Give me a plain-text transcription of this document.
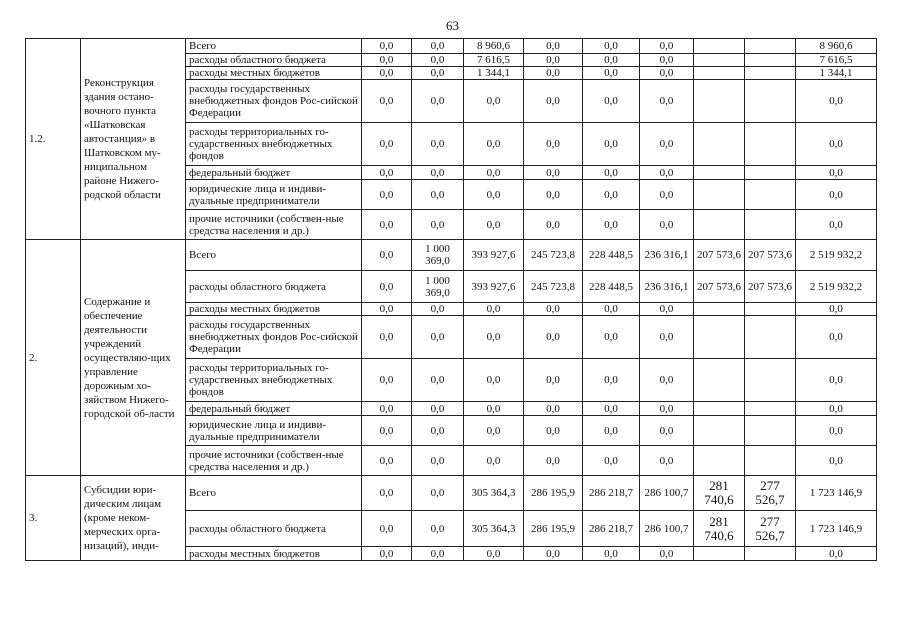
63
1.2.	Реконструкция здания остано-вочного пункта «Шатковская автостанция» в Шатковском му-ниципальном районе Нижего-родской области	Всего	0,0	0,0	8 960,6	0,0	0,0	0,0			8 960,6
		расходы областного бюджета	0,0	0,0	7 616,5	0,0	0,0	0,0			7 616,5
		расходы местных бюджетов	0,0	0,0	1 344,1	0,0	0,0	0,0			1 344,1
		расходы государственных внебюджетных фондов Рос-сийской Федерации	0,0	0,0	0,0	0,0	0,0	0,0			0,0
		расходы территориальных го-сударственных внебюджетных фондов	0,0	0,0	0,0	0,0	0,0	0,0			0,0
		федеральный бюджет	0,0	0,0	0,0	0,0	0,0	0,0			0,0
		юридические лица и индиви-дуальные предприниматели	0,0	0,0	0,0	0,0	0,0	0,0			0,0
		прочие источники (собствен-ные средства населения и др.)	0,0	0,0	0,0	0,0	0,0	0,0			0,0
2.	Содержание и обеспечение деятельности учреждений осуществляю-щих управление дорожным хо-зяйством Нижего-городской об-ласти	Всего	0,0	1 000 369,0	393 927,6	245 723,8	228 448,5	236 316,1	207 573,6	207 573,6	2 519 932,2
		расходы областного бюджета	0,0	1 000 369,0	393 927,6	245 723,8	228 448,5	236 316,1	207 573,6	207 573,6	2 519 932,2
		расходы местных бюджетов	0,0	0,0	0,0	0,0	0,0	0,0			0,0
		расходы государственных внебюджетных фондов Рос-сийской Федерации	0,0	0,0	0,0	0,0	0,0	0,0			0,0
		расходы территориальных го-сударственных внебюджетных фондов	0,0	0,0	0,0	0,0	0,0	0,0			0,0
		федеральный бюджет	0,0	0,0	0,0	0,0	0,0	0,0			0,0
		юридические лица и индиви-дуальные предприниматели	0,0	0,0	0,0	0,0	0,0	0,0			0,0
		прочие источники (собствен-ные средства населения и др.)	0,0	0,0	0,0	0,0	0,0	0,0			0,0
3.	Субсидии юри-дическим лицам (кроме неком-мерческих орга-низаций), инди-	Всего	0,0	0,0	305 364,3	286 195,9	286 218,7	286 100,7	281 740,6	277 526,7	1 723 146,9
		расходы областного бюджета	0,0	0,0	305 364,3	286 195,9	286 218,7	286 100,7	281 740,6	277 526,7	1 723 146,9
		расходы местных бюджетов	0,0	0,0	0,0	0,0	0,0	0,0			0,0
